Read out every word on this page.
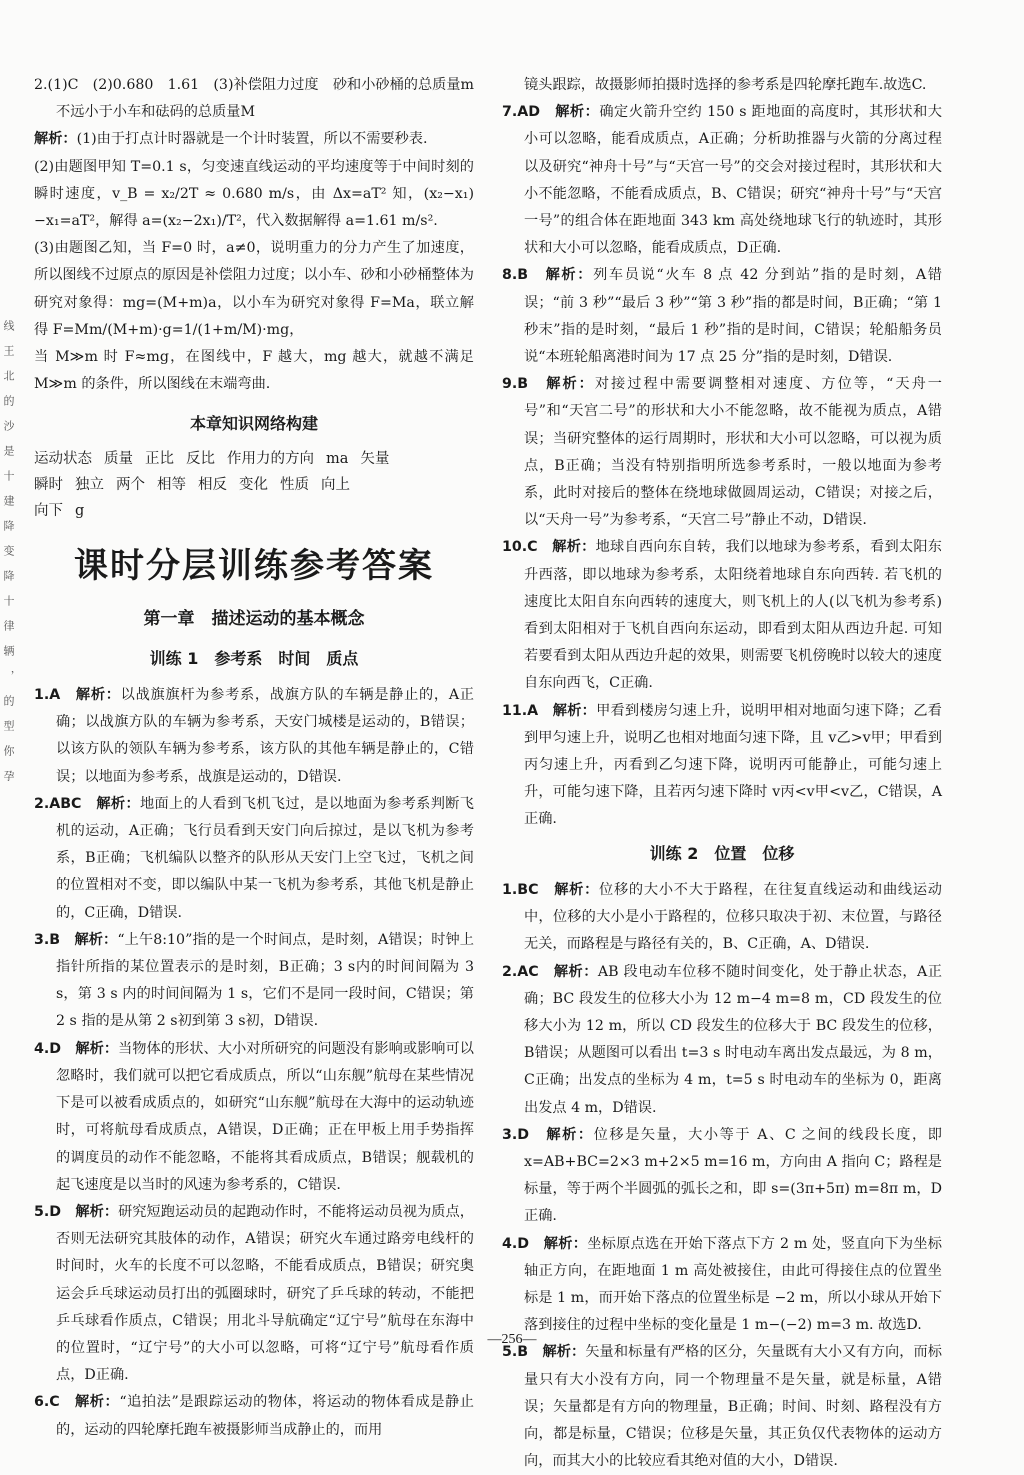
线王北的沙是十建降变降十律辆，的型你孕

2.(1)C　(2)0.680　1.61　(3)补偿阻力过度　砂和小砂桶的总质量m不远小于小车和砝码的总质量M

解析：(1)由于打点计时器就是一个计时装置，所以不需要秒表.

(2)由题图甲知 T=0.1 s，匀变速直线运动的平均速度等于中间时刻的瞬时速度，v_B = x₂/2T ≈ 0.680 m/s，由 Δx=aT² 知，(x₂−x₁)−x₁=aT²，解得 a=(x₂−2x₁)/T²，代入数据解得 a=1.61 m/s².

(3)由题图乙知，当 F=0 时，a≠0，说明重力的分力产生了加速度，所以图线不过原点的原因是补偿阻力过度；以小车、砂和小砂桶整体为研究对象得：mg=(M+m)a，以小车为研究对象得 F=Ma，联立解得 F=Mm/(M+m)·g=1/(1+m/M)·mg，

当 M≫m 时 F≈mg，在图线中，F 越大，mg 越大，就越不满足 M≫m 的条件，所以图线在末端弯曲.

本章知识网络构建
运动状态 质量 正比 反比 作用力的方向 ma 矢量
瞬时 独立 两个 相等 相反 变化 性质 向上
向下 g
课时分层训练参考答案
第一章　描述运动的基本概念
训练 1　参考系　时间　质点

1.A　 解析：以战旗旗杆为参考系，战旗方队的车辆是静止的，A正确；以战旗方队的车辆为参考系，天安门城楼是运动的，B错误；以该方队的领队车辆为参考系，该方队的其他车辆是静止的，C错误；以地面为参考系，战旗是运动的，D错误.

2.ABC　 解析：地面上的人看到飞机飞过，是以地面为参考系判断飞机的运动，A正确；飞行员看到天安门向后掠过，是以飞机为参考系，B正确；飞机编队以整齐的队形从天安门上空飞过，飞机之间的位置相对不变，即以编队中某一飞机为参考系，其他飞机是静止的，C正确，D错误.

3.B　 解析：“上午8:10”指的是一个时间点，是时刻，A错误；时钟上指针所指的某位置表示的是时刻，B正确；3 s内的时间间隔为 3 s，第 3 s 内的时间间隔为 1 s，它们不是同一段时间，C错误；第 2 s 指的是从第 2 s初到第 3 s初，D错误.

4.D　 解析：当物体的形状、大小对所研究的问题没有影响或影响可以忽略时，我们就可以把它看成质点，所以“山东舰”航母在某些情况下是可以被看成质点的，如研究“山东舰”航母在大海中的运动轨迹时，可将航母看成质点，A错误，D正确；正在甲板上用手势指挥的调度员的动作不能忽略，不能将其看成质点，B错误；舰载机的起飞速度是以当时的风速为参考系的，C错误.

5.D　 解析：研究短跑运动员的起跑动作时，不能将运动员视为质点，否则无法研究其肢体的动作，A错误；研究火车通过路旁电线杆的时间时，火车的长度不可以忽略，不能看成质点，B错误；研究奥运会乒乓球运动员打出的弧圈球时，研究了乒乓球的转动，不能把乒乓球看作质点，C错误；用北斗导航确定“辽宁号”航母在东海中的位置时，“辽宁号”的大小可以忽略，可将“辽宁号”航母看作质点，D正确.

6.C　 解析：“追拍法”是跟踪运动的物体，将运动的物体看成是静止的，运动的四轮摩托跑车被摄影师当成静止的，而用

镜头跟踪，故摄影师拍摄时选择的参考系是四轮摩托跑车.故选C.

7.AD　 解析：确定火箭升空约 150 s 距地面的高度时，其形状和大小可以忽略，能看成质点，A正确；分析助推器与火箭的分离过程以及研究“神舟十号”与“天宫一号”的交会对接过程时，其形状和大小不能忽略，不能看成质点，B、C错误；研究“神舟十号”与“天宫一号”的组合体在距地面 343 km 高处绕地球飞行的轨迹时，其形状和大小可以忽略，能看成质点，D正确.

8.B　 解析：列车员说“火车 8 点 42 分到站”指的是时刻，A错误；“前 3 秒”“最后 3 秒”“第 3 秒”指的都是时间，B正确；“第 1 秒末”指的是时刻，“最后 1 秒”指的是时间，C错误；轮船船务员说“本班轮船离港时间为 17 点 25 分”指的是时刻，D错误.

9.B　 解析：对接过程中需要调整相对速度、方位等，“天舟一号”和“天宫二号”的形状和大小不能忽略，故不能视为质点，A错误；当研究整体的运行周期时，形状和大小可以忽略，可以视为质点，B正确；当没有特别指明所选参考系时，一般以地面为参考系，此时对接后的整体在绕地球做圆周运动，C错误；对接之后，以“天舟一号”为参考系，“天宫二号”静止不动，D错误.

10.C　 解析：地球自西向东自转，我们以地球为参考系，看到太阳东升西落，即以地球为参考系，太阳绕着地球自东向西转. 若飞机的速度比太阳自东向西转的速度大，则飞机上的人(以飞机为参考系)看到太阳相对于飞机自西向东运动，即看到太阳从西边升起. 可知若要看到太阳从西边升起的效果，则需要飞机傍晚时以较大的速度自东向西飞，C正确.

11.A　 解析：甲看到楼房匀速上升，说明甲相对地面匀速下降；乙看到甲匀速上升，说明乙也相对地面匀速下降，且 v乙>v甲；甲看到丙匀速上升，丙看到乙匀速下降，说明丙可能静止，可能匀速上升，可能匀速下降，且若丙匀速下降时 v丙<v甲<v乙，C错误，A正确.

训练 2　位置　位移

1.BC　 解析：位移的大小不大于路程，在往复直线运动和曲线运动中，位移的大小是小于路程的，位移只取决于初、末位置，与路径无关，而路程是与路径有关的，B、C正确，A、D错误.

2.AC　 解析：AB 段电动车位移不随时间变化，处于静止状态，A正确；BC 段发生的位移大小为 12 m−4 m=8 m，CD 段发生的位移大小为 12 m，所以 CD 段发生的位移大于 BC 段发生的位移，B错误；从题图可以看出 t=3 s 时电动车离出发点最远，为 8 m，C正确；出发点的坐标为 4 m，t=5 s 时电动车的坐标为 0，距离出发点 4 m，D错误.

3.D　 解析：位移是矢量，大小等于 A、C 之间的线段长度，即 x=AB+BC=2×3 m+2×5 m=16 m，方向由 A 指向 C；路程是标量，等于两个半圆弧的弧长之和，即 s=(3π+5π) m=8π m，D正确.

4.D　 解析：坐标原点选在开始下落点下方 2 m 处，竖直向下为坐标轴正方向，在距地面 1 m 高处被接住，由此可得接住点的位置坐标是 1 m，而开始下落点的位置坐标是 −2 m，所以小球从开始下落到接住的过程中坐标的变化量是 1 m−(−2) m=3 m. 故选D.

5.B　 解析：矢量和标量有严格的区分，矢量既有大小又有方向，而标量只有大小没有方向，同一个物理量不是矢量，就是标量，A错误；矢量都是有方向的物理量，B正确；时间、时刻、路程没有方向，都是标量，C错误；位移是矢量，其正负仅代表物体的运动方向，而其大小的比较应看其绝对值的大小，D错误.

—256—
